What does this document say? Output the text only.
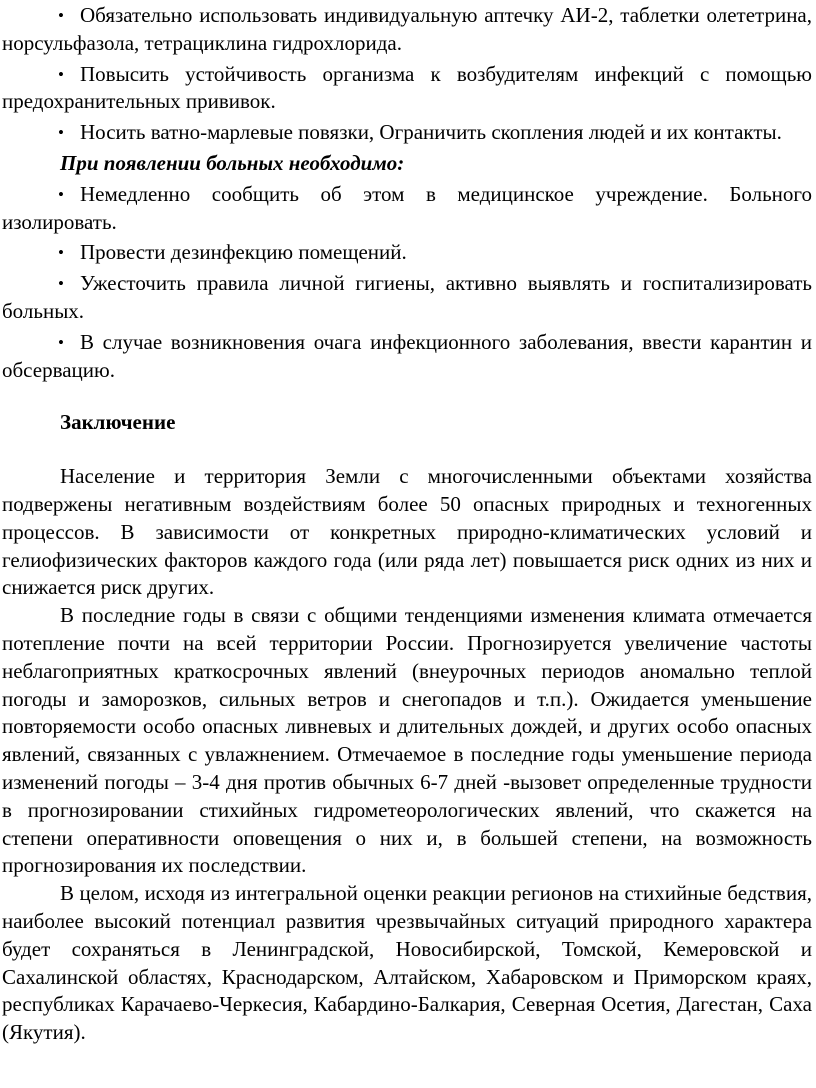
• Обязательно использовать индивидуальную аптечку АИ-2, таблетки олететрина, норсульфазола, тетрациклина гидрохлорида.

• Повысить устойчивость организма к возбудителям инфекций с помощью предохранительных прививок.

• Носить ватно-марлевые повязки, Ограничить скопления людей и их контакты.

При появлении больных необходимо:

• Немедленно сообщить об этом в медицинское учреждение. Больного изолировать.

• Провести дезинфекцию помещений.

• Ужесточить правила личной гигиены, активно выявлять и госпитализировать больных.

• В случае возникновения очага инфекционного заболевания, ввести карантин и обсервацию.

Заключение

Население и территория Земли с многочисленными объектами хозяйства подвержены негативным воздействиям более 50 опасных природных и техногенных процессов. В зависимости от конкретных природно-климатических условий и гелиофизических факторов каждого года (или ряда лет) повышается риск одних из них и снижается риск других.

В последние годы в связи с общими тенденциями изменения климата отмечается потепление почти на всей территории России. Прогнозируется увеличение частоты неблагоприятных краткосрочных явлений (внеурочных периодов аномально теплой погоды и заморозков, сильных ветров и снегопадов и т.п.). Ожидается уменьшение повторяемости особо опасных ливневых и длительных дождей, и других особо опасных явлений, связанных с увлажнением. Отмечаемое в последние годы уменьшение периода изменений погоды – 3-4 дня против обычных 6-7 дней -вызовет определенные трудности в прогнозировании стихийных гидрометеорологических явлений, что скажется на степени оперативности оповещения о них и, в большей степени, на возможность прогнозирования их последствии.

В целом, исходя из интегральной оценки реакции регионов на стихийные бедствия, наиболее высокий потенциал развития чрезвычайных ситуаций природного характера будет сохраняться в Ленинградской, Новосибирской, Томской, Кемеровской и Сахалинской областях, Краснодарском, Алтайском, Хабаровском и Приморском краях, республиках Карачаево-Черкесия, Кабардино-Балкария, Северная Осетия, Дагестан, Саха (Якутия).
